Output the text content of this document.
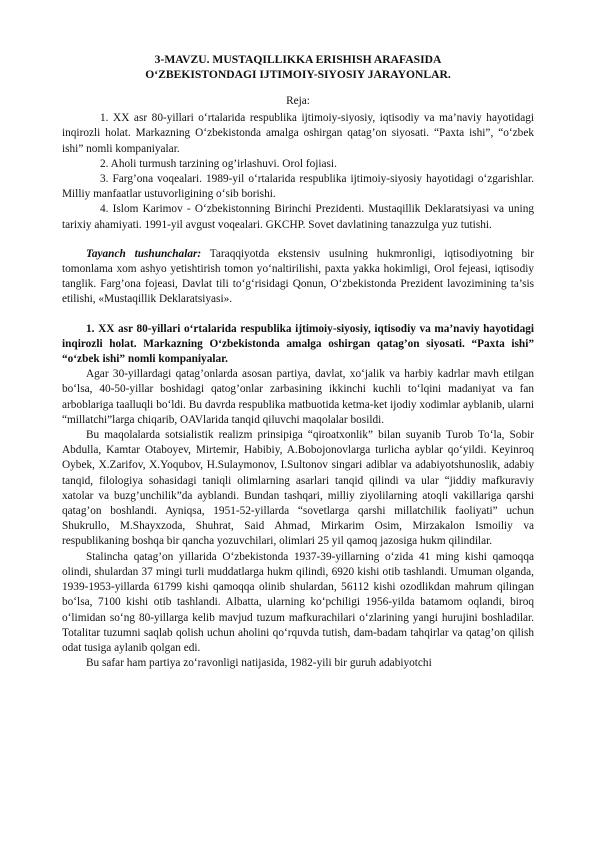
3-MAVZU. MUSTAQILLIKKA ERISHISH ARAFASIDA
O‘ZBEKISTONDAGI IJTIMOIY-SIYOSIY JARAYONLAR.
Reja:

1. XX asr 80-yillari o‘rtalarida respublika ijtimoiy-siyosiy, iqtisodiy va ma’naviy hayotidagi inqirozli holat. Markazning O‘zbekistonda amalga oshirgan qatag’on siyosati. “Paxta ishi”, “o‘zbek ishi” nomli kompaniyalar.

2. Aholi turmush tarzining og’irlashuvi. Orol fojiasi.

3. Farg’ona voqealari. 1989-yil o‘rtalarida respublika ijtimoiy-siyosiy hayotidagi o‘zgarishlar. Milliy manfaatlar ustuvorligining o‘sib borishi.

4. Islom Karimov - O‘zbekistonning Birinchi Prezidenti. Mustaqillik Deklaratsiyasi va uning tarixiy ahamiyati. 1991-yil avgust voqealari. GKCHP. Sovet davlatining tanazzulga yuz tutishi.

Tayanch tushunchalar: Taraqqiyotda ekstensiv usulning hukmronligi, iqtisodiyotning bir tomonlama xom ashyo yetishtirish tomon yo‘naltirilishi, paxta yakka hokimligi, Orol fejeasi, iqtisodiy tanglik. Farg’ona fojeasi, Davlat tili to‘g‘risidagi Qonun, O‘zbekistonda Prezident lavozimining ta’sis etilishi, «Mustaqillik Deklaratsiyasi».

1. XX asr 80-yillari o‘rtalarida respublika ijtimoiy-siyosiy, iqtisodiy va ma’naviy hayotidagi inqirozli holat. Markazning O‘zbekistonda amalga oshirgan qatag’on siyosati. “Paxta ishi” “o‘zbek ishi” nomli kompaniyalar.

Agar 30-yillardagi qatag’onlarda asosan partiya, davlat, xo‘jalik va harbiy kadrlar mavh etilgan bo‘lsa, 40-50-yillar boshidagi qatog’onlar zarbasining ikkinchi kuchli to‘lqini madaniyat va fan arboblariga taalluqli bo‘ldi. Bu davrda respublika matbuotida ketma-ket ijodiy xodimlar ayblanib, ularni “millatchi”larga chiqarib, OAVlarida tanqid qiluvchi maqolalar bosildi.

Bu maqolalarda sotsialistik realizm prinsipiga “qiroatxonlik” bilan suyanib Turob To‘la, Sobir Abdulla, Kamtar Otaboyev, Mirtemir, Habibiy, A.Bobojonovlarga turlicha ayblar qo‘yildi. Keyinroq Oybek, X.Zarifov, X.Yoqubov, H.Sulaymonov, I.Sultonov singari adiblar va adabiyotshunoslik, adabiy tanqid, filologiya sohasidagi taniqli olimlarning asarlari tanqid qilindi va ular “jiddiy mafkuraviy xatolar va buzg’unchilik”da ayblandi. Bundan tashqari, milliy ziyolilarning atoqli vakillariga qarshi qatag’on boshlandi. Ayniqsa, 1951-52-yillarda “sovetlarga qarshi millatchilik faoliyati” uchun Shukrullo, M.Shayxzoda, Shuhrat, Said Ahmad, Mirkarim Osim, Mirzakalon Ismoiliy va respublikaning boshqa bir qancha yozuvchilari, olimlari 25 yil qamoq jazosiga hukm qilindilar.

Stalincha qatag’on yillarida O‘zbekistonda 1937-39-yillarning o‘zida 41 ming kishi qamoqqa olindi, shulardan 37 mingi turli muddatlarga hukm qilindi, 6920 kishi otib tashlandi. Umuman olganda, 1939-1953-yillarda 61799 kishi qamoqqa olinib shulardan, 56112 kishi ozodlikdan mahrum qilingan bo‘lsa, 7100 kishi otib tashlandi. Albatta, ularning ko‘pchiligi 1956-yilda batamom oqlandi, biroq o‘limidan so‘ng 80-yillarga kelib mavjud tuzum mafkurachilari o‘zlarining yangi hurujini boshladilar. Totalitar tuzumni saqlab qolish uchun aholini qo‘rquvda tutish, dam-badam tahqirlar va qatag’on qilish odat tusiga aylanib qolgan edi.

Bu safar ham partiya zo‘ravonligi natijasida, 1982-yili bir guruh adabiyotchi
